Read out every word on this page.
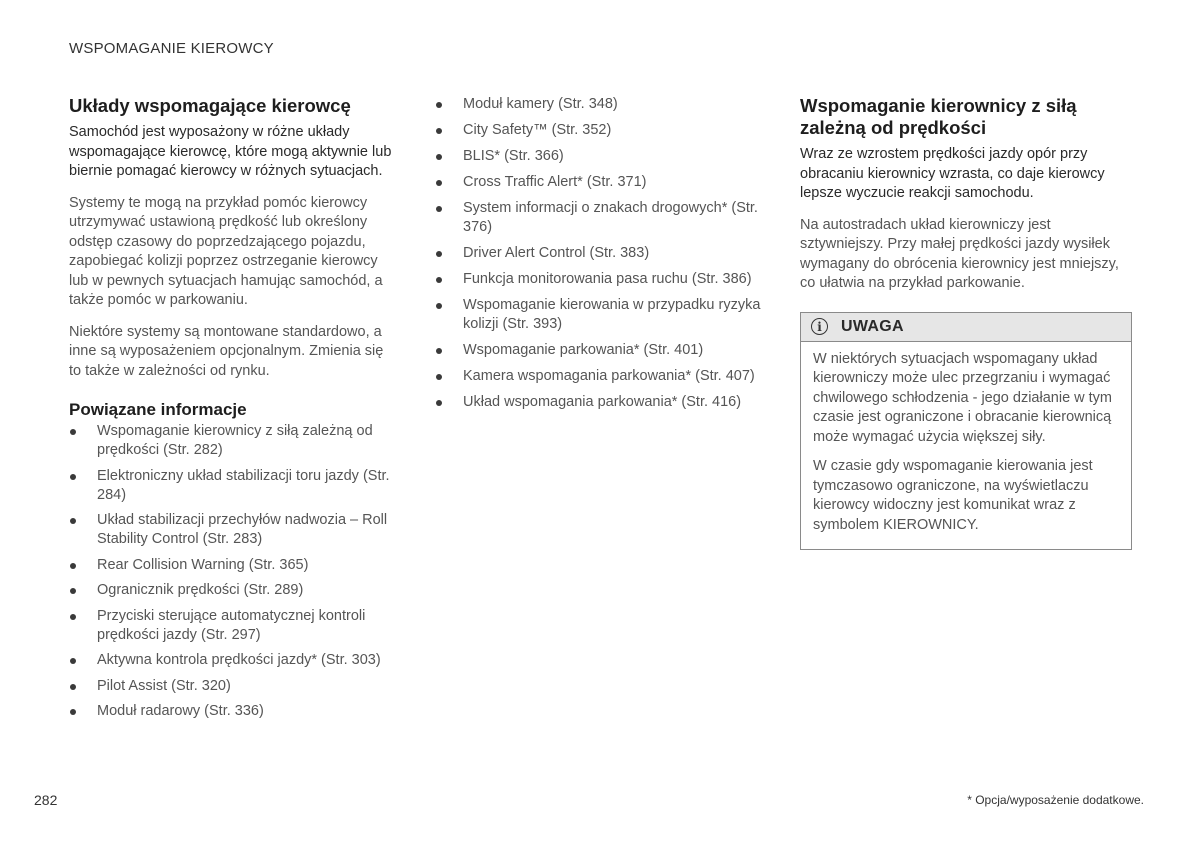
WSPOMAGANIE KIEROWCY
Układy wspomagające kierowcę

Samochód jest wyposażony w różne układy wspomagające kierowcę, które mogą aktywnie lub biernie pomagać kierowcy w różnych sytuacjach.

Systemy te mogą na przykład pomóc kierowcy utrzymywać ustawioną prędkość lub określony odstęp czasowy do poprzedzającego pojazdu, zapobiegać kolizji poprzez ostrzeganie kierowcy lub w pewnych sytuacjach hamując samochód, a także pomóc w parkowaniu.

Niektóre systemy są montowane standardowo, a inne są wyposażeniem opcjonalnym. Zmienia się to także w zależności od rynku.

Powiązane informacje
Wspomaganie kierownicy z siłą zależną od prędkości (Str. 282)
Elektroniczny układ stabilizacji toru jazdy (Str. 284)
Układ stabilizacji przechyłów nadwozia – Roll Stability Control (Str. 283)
Rear Collision Warning (Str. 365)
Ogranicznik prędkości (Str. 289)
Przyciski sterujące automatycznej kontroli prędkości jazdy (Str. 297)
Aktywna kontrola prędkości jazdy* (Str. 303)
Pilot Assist (Str. 320)
Moduł radarowy (Str. 336)
Moduł kamery (Str. 348)
City Safety™ (Str. 352)
BLIS* (Str. 366)
Cross Traffic Alert* (Str. 371)
System informacji o znakach drogowych* (Str. 376)
Driver Alert Control (Str. 383)
Funkcja monitorowania pasa ruchu (Str. 386)
Wspomaganie kierowania w przypadku ryzyka kolizji (Str. 393)
Wspomaganie parkowania* (Str. 401)
Kamera wspomagania parkowania* (Str. 407)
Układ wspomagania parkowania* (Str. 416)
Wspomaganie kierownicy z siłą zależną od prędkości

Wraz ze wzrostem prędkości jazdy opór przy obracaniu kierownicy wzrasta, co daje kierowcy lepsze wyczucie reakcji samochodu.

Na autostradach układ kierowniczy jest sztywniejszy. Przy małej prędkości jazdy wysiłek wymagany do obrócenia kierownicy jest mniejszy, co ułatwia na przykład parkowanie.

i	UWAGA

W niektórych sytuacjach wspomagany układ kierowniczy może ulec przegrzaniu i wymagać chwilowego schłodzenia - jego działanie w tym czasie jest ograniczone i obracanie kierownicą może wymagać użycia większej siły.

W czasie gdy wspomaganie kierowania jest tymczasowo ograniczone, na wyświetlaczu kierowcy widoczny jest komunikat wraz z symbolem KIEROWNICY.

282	* Opcja/wyposażenie dodatkowe.
